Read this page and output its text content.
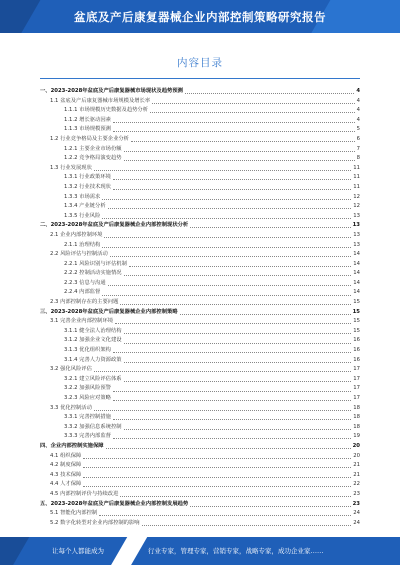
盆底及产后康复器械企业内部控制策略研究报告
内容目录
一、2023-2028年盆底及产后康复器械市场现状及趋势预测	4
1.1 盆底及产后康复器械市场规模及增长率	4
1.1.1 市场规模历史数据及趋势分析	4
1.1.2 增长驱动因素	4
1.1.3 市场规模预测	5
1.2 行业竞争格局及主要企业分析	6
1.2.1 主要企业市场份额	7
1.2.2 竞争格局演变趋势	8
1.3 行业发展现状	11
1.3.1 行业政策环境	11
1.3.2 行业技术现状	11
1.3.3 市场需求	12
1.3.4 产业链分析	12
1.3.5 行业风险	13
二、2023-2028年盆底及产后康复器械企业内部控制现状分析	13
2.1 企业内部控制环境	13
2.1.1 治理结构	13
2.2 风险评估与控制活动	14
2.2.1 风险识别与评估机制	14
2.2.2 控制活动实施情况	14
2.2.3 信息与沟通	14
2.2.4 内部监督	14
2.3 内部控制存在的主要问题	15
三、2023-2028年盆底及产后康复器械企业内部控制策略	15
3.1 完善企业内部控制环境	15
3.1.1 健全法人治理结构	15
3.1.2 加强企业文化建设	16
3.1.3 优化组织架构	16
3.1.4 完善人力资源政策	16
3.2 强化风险评估	17
3.2.1 建立风险评估体系	17
3.2.2 加强风险预警	17
3.2.3 风险应对策略	17
3.3 优化控制活动	18
3.3.1 完善控制措施	18
3.3.2 加强信息系统控制	18
3.3.3 完善内部监督	19
四、企业内部控制实施保障	20
4.1 组织保障	20
4.2 制度保障	21
4.3 技术保障	21
4.4 人才保障	22
4.5 内部控制评价与持续改进	23
五、2023-2028年盆底及产后康复器械企业内部控制发展趋势	23
5.1 智能化内部控制	24
5.2 数字化转型对企业内部控制的影响	24
让每个人都能成为	行业专家，管理专家，营销专家，战略专家，成功企业家……
